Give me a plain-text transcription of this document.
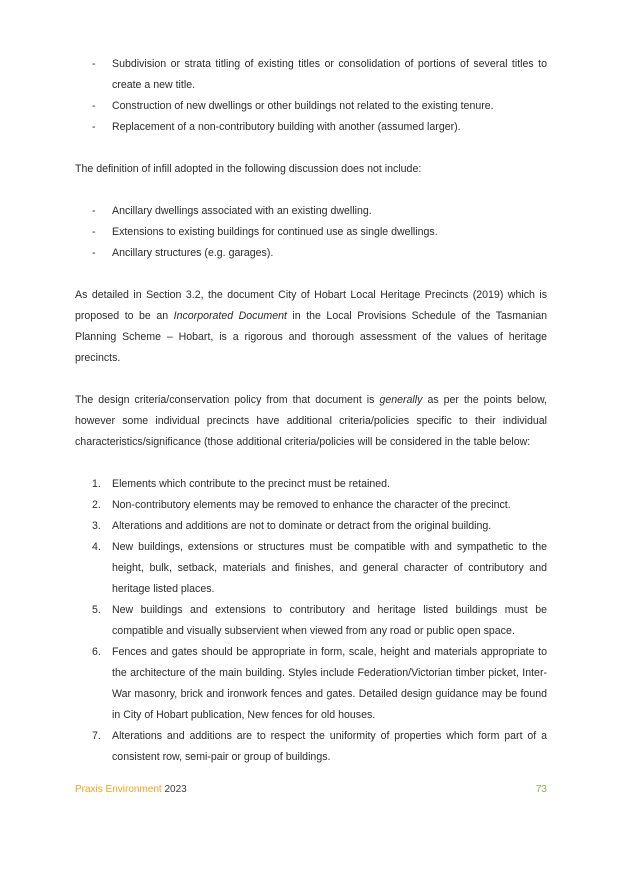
- Subdivision or strata titling of existing titles or consolidation of portions of several titles to create a new title.
- Construction of new dwellings or other buildings not related to the existing tenure.
- Replacement of a non-contributory building with another (assumed larger).

The definition of infill adopted in the following discussion does not include:

- Ancillary dwellings associated with an existing dwelling.
- Extensions to existing buildings for continued use as single dwellings.
- Ancillary structures (e.g. garages).

As detailed in Section 3.2, the document City of Hobart Local Heritage Precincts (2019) which is proposed to be an Incorporated Document in the Local Provisions Schedule of the Tasmanian Planning Scheme – Hobart, is a rigorous and thorough assessment of the values of heritage precincts.

The design criteria/conservation policy from that document is generally as per the points below, however some individual precincts have additional criteria/policies specific to their individual characteristics/significance (those additional criteria/policies will be considered in the table below:

1. Elements which contribute to the precinct must be retained.
2. Non-contributory elements may be removed to enhance the character of the precinct.
3. Alterations and additions are not to dominate or detract from the original building.
4. New buildings, extensions or structures must be compatible with and sympathetic to the height, bulk, setback, materials and finishes, and general character of contributory and heritage listed places.
5. New buildings and extensions to contributory and heritage listed buildings must be compatible and visually subservient when viewed from any road or public open space.
6. Fences and gates should be appropriate in form, scale, height and materials appropriate to the architecture of the main building. Styles include Federation/Victorian timber picket, Inter-War masonry, brick and ironwork fences and gates. Detailed design guidance may be found in City of Hobart publication, New fences for old houses.
7. Alterations and additions are to respect the uniformity of properties which form part of a consistent row, semi-pair or group of buildings.
Praxis Environment 2023	73
